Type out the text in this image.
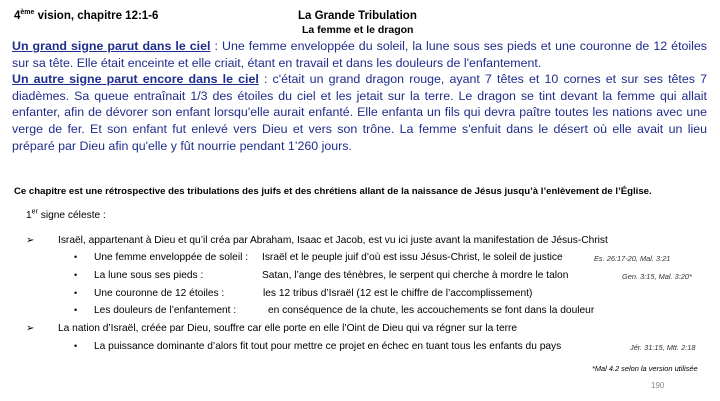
4ème vision, chapitre 12:1-6	La Grande Tribulation
La femme et le dragon

Un grand signe parut dans le ciel : Une femme enveloppée du soleil, la lune sous ses pieds et une couronne de 12 étoiles sur sa tête. Elle était enceinte et elle criait, étant en travail et dans les douleurs de l'enfantement.

Un autre signe parut encore dans le ciel : c'était un grand dragon rouge, ayant 7 têtes et 10 cornes et sur ses têtes 7 diadèmes. Sa queue entraînait 1/3 des étoiles du ciel et les jetait sur la terre. Le dragon se tint devant la femme qui allait enfanter, afin de dévorer son enfant lorsqu'elle aurait enfanté. Elle enfanta un fils qui devra paître toutes les nations avec une verge de fer. Et son enfant fut enlevé vers Dieu et vers son trône. La femme s'enfuit dans le désert où elle avait un lieu préparé par Dieu afin qu'elle y fût nourrie pendant 1’260 jours.

Ce chapitre est une rétrospective des tribulations des juifs et des chrétiens allant de la naissance de Jésus jusqu’à l’enlèvement de l’Église.
1er signe céleste :
➢ Israël, appartenant à Dieu et qu’il créa par Abraham, Isaac et Jacob, est vu ici juste avant la manifestation de Jésus-Christ
• Une femme enveloppée de soleil : Israël et le peuple juif d’où est issu Jésus-Christ, le soleil de justice	Es. 26:17-20, Mal. 3:21
• La lune sous ses pieds :	Satan, l’ange des ténèbres, le serpent qui cherche à mordre le talon	Gen. 3:15, Mal. 3:20*
• Une couronne de 12 étoiles :	les 12 tribus d’Israël (12 est le chiffre de l’accomplissement)
• Les douleurs de l’enfantement :	en conséquence de la chute, les accouchements se font dans la douleur
➢ La nation d’Israël, créée par Dieu, souffre car elle porte en elle l’Oint de Dieu qui va régner sur la terre
• La puissance dominante d’alors fit tout pour mettre ce projet en échec en tuant tous les enfants du pays	Jér. 31:15, Mtt. 2:18
*Mal 4.2 selon la version utilisée
190
